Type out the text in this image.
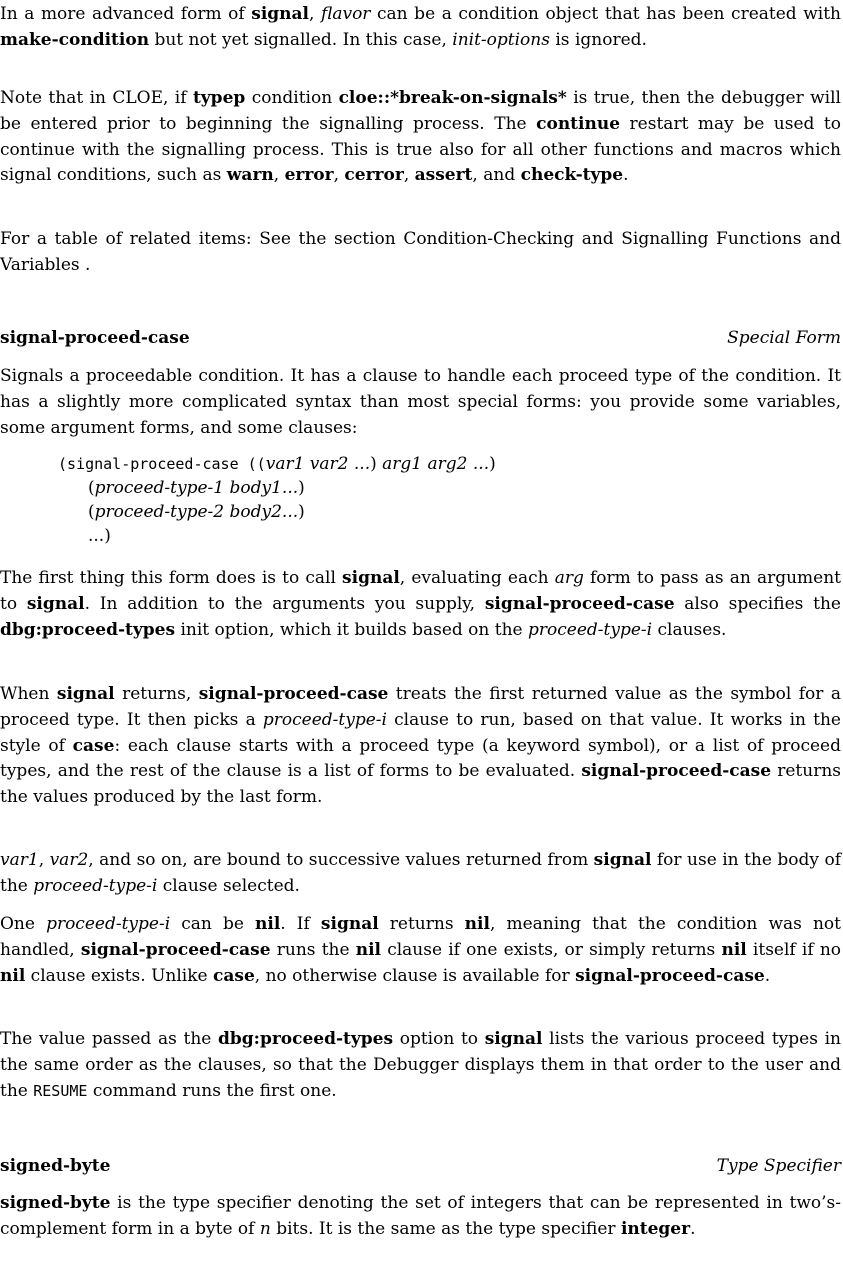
In a more advanced form of signal, flavor can be a condition object that has been created with make-condition but not yet signalled. In this case, init-options is ignored.

Note that in CLOE, if typep condition cloe::*break-on-signals* is true, then the debugger will be entered prior to beginning the signalling process. The continue restart may be used to continue with the signalling process. This is true also for all other functions and macros which signal conditions, such as warn, error, cerror, assert, and check-type.

For a table of related items: See the section Condition-Checking and Signalling Functions and Variables .

signal-proceed-case	Special Form

Signals a proceedable condition. It has a clause to handle each proceed type of the condition. It has a slightly more complicated syntax than most special forms: you provide some variables, some argument forms, and some clauses:

(signal-proceed-case ((var1 var2 ...) arg1 arg2 ...)
(proceed-type-1 body1...)
(proceed-type-2 body2...)
...)

The first thing this form does is to call signal, evaluating each arg form to pass as an argument to signal. In addition to the arguments you supply, signal-proceed-case also specifies the dbg:proceed-types init option, which it builds based on the proceed-type-i clauses.

When signal returns, signal-proceed-case treats the first returned value as the symbol for a proceed type. It then picks a proceed-type-i clause to run, based on that value. It works in the style of case: each clause starts with a proceed type (a keyword symbol), or a list of proceed types, and the rest of the clause is a list of forms to be evaluated. signal-proceed-case returns the values produced by the last form.

var1, var2, and so on, are bound to successive values returned from signal for use in the body of the proceed-type-i clause selected.

One proceed-type-i can be nil. If signal returns nil, meaning that the condition was not handled, signal-proceed-case runs the nil clause if one exists, or simply returns nil itself if no nil clause exists. Unlike case, no otherwise clause is available for signal-proceed-case.

The value passed as the dbg:proceed-types option to signal lists the various proceed types in the same order as the clauses, so that the Debugger displays them in that order to the user and the RESUME command runs the first one.

signed-byte	Type Specifier

signed-byte is the type specifier denoting the set of integers that can be represented in two’s-complement form in a byte of n bits. It is the same as the type specifier integer.
